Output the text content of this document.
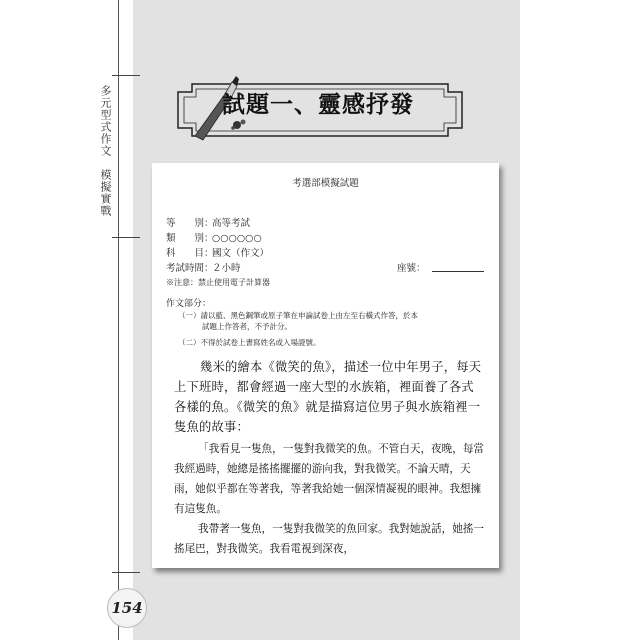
多元型式作文　模擬實戰
154
試題一、靈感抒發
考選部模擬試題
等　　別：高等考試
類　　別：○○○○○○
科　　目：國文（作文）
考試時間：２小時	座號：
※注意：禁止使用電子計算器
作文部分：
（一）請以藍、黑色鋼筆或原子筆在申論試卷上由左至右橫式作答，於本
試題上作答者，不予計分。
（二）不得於試卷上書寫姓名或入場證號。

幾米的繪本《微笑的魚》，描述一位中年男子，每天上下班時，都會經過一座大型的水族箱，裡面養了各式各樣的魚。《微笑的魚》就是描寫這位男子與水族箱裡一隻魚的故事：

「我看見一隻魚，一隻對我微笑的魚。不管白天，夜晚，每當我經過時，她總是搖搖擺擺的游向我，對我微笑。不論天晴，天雨，她似乎都在等著我，等著我給她一個深情凝視的眼神。我想擁有這隻魚。

我帶著一隻魚，一隻對我微笑的魚回家。我對她說話，她搖一搖尾巴，對我微笑。我看電視到深夜，
